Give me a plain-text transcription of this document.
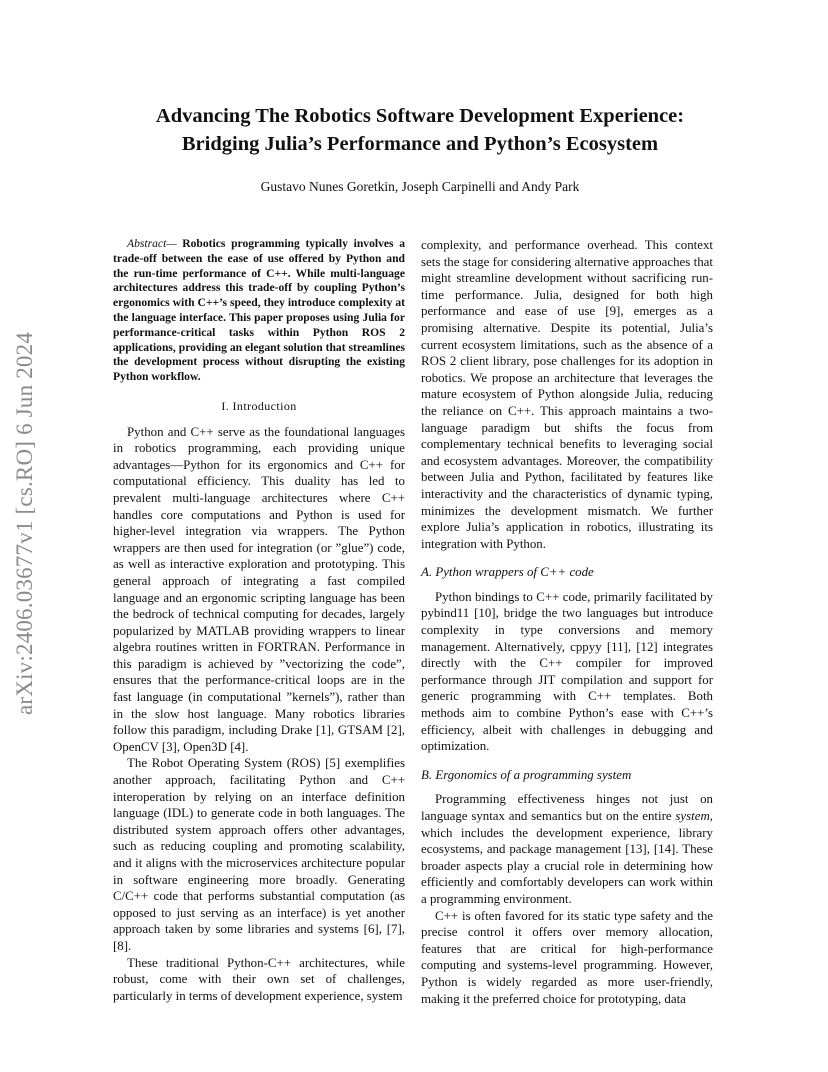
arXiv:2406.03677v1 [cs.RO] 6 Jun 2024
Advancing The Robotics Software Development Experience:
Bridging Julia’s Performance and Python’s Ecosystem
Gustavo Nunes Goretkin, Joseph Carpinelli and Andy Park

Abstract— Robotics programming typically involves a trade-off between the ease of use offered by Python and the run-time performance of C++. While multi-language architectures address this trade-off by coupling Python’s ergonomics with C++’s speed, they introduce complexity at the language interface. This paper proposes using Julia for performance-critical tasks within Python ROS 2 applications, providing an elegant solution that streamlines the development process without disrupting the existing Python workflow.

I. Introduction

Python and C++ serve as the foundational languages in robotics programming, each providing unique advantages—Python for its ergonomics and C++ for computational efficiency. This duality has led to prevalent multi-language architectures where C++ handles core computations and Python is used for higher-level integration via wrappers. The Python wrappers are then used for integration (or ”glue”) code, as well as interactive exploration and prototyping. This general approach of integrating a fast compiled language and an ergonomic scripting language has been the bedrock of technical computing for decades, largely popularized by MATLAB providing wrappers to linear algebra routines written in FORTRAN. Performance in this paradigm is achieved by ”vectorizing the code”, ensures that the performance-critical loops are in the fast language (in computational ”kernels”), rather than in the slow host language. Many robotics libraries follow this paradigm, including Drake [1], GTSAM [2], OpenCV [3], Open3D [4].

The Robot Operating System (ROS) [5] exemplifies another approach, facilitating Python and C++ interoperation by relying on an interface definition language (IDL) to generate code in both languages. The distributed system approach offers other advantages, such as reducing coupling and promoting scalability, and it aligns with the microservices architecture popular in software engineering more broadly. Generating C/C++ code that performs substantial computation (as opposed to just serving as an interface) is yet another approach taken by some libraries and systems [6], [7], [8].

These traditional Python-C++ architectures, while robust, come with their own set of challenges, particularly in terms of development experience, system

complexity, and performance overhead. This context sets the stage for considering alternative approaches that might streamline development without sacrificing run-time performance. Julia, designed for both high performance and ease of use [9], emerges as a promising alternative. Despite its potential, Julia’s current ecosystem limitations, such as the absence of a ROS 2 client library, pose challenges for its adoption in robotics. We propose an architecture that leverages the mature ecosystem of Python alongside Julia, reducing the reliance on C++. This approach maintains a two-language paradigm but shifts the focus from complementary technical benefits to leveraging social and ecosystem advantages. Moreover, the compatibility between Julia and Python, facilitated by features like interactivity and the characteristics of dynamic typing, minimizes the development mismatch. We further explore Julia’s application in robotics, illustrating its integration with Python.

A. Python wrappers of C++ code

Python bindings to C++ code, primarily facilitated by pybind11 [10], bridge the two languages but introduce complexity in type conversions and memory management. Alternatively, cppyy [11], [12] integrates directly with the C++ compiler for improved performance through JIT compilation and support for generic programming with C++ templates. Both methods aim to combine Python’s ease with C++’s efficiency, albeit with challenges in debugging and optimization.

B. Ergonomics of a programming system

Programming effectiveness hinges not just on language syntax and semantics but on the entire system, which includes the development experience, library ecosystems, and package management [13], [14]. These broader aspects play a crucial role in determining how efficiently and comfortably developers can work within a programming environment.

C++ is often favored for its static type safety and the precise control it offers over memory allocation, features that are critical for high-performance computing and systems-level programming. However, Python is widely regarded as more user-friendly, making it the preferred choice for prototyping, data
